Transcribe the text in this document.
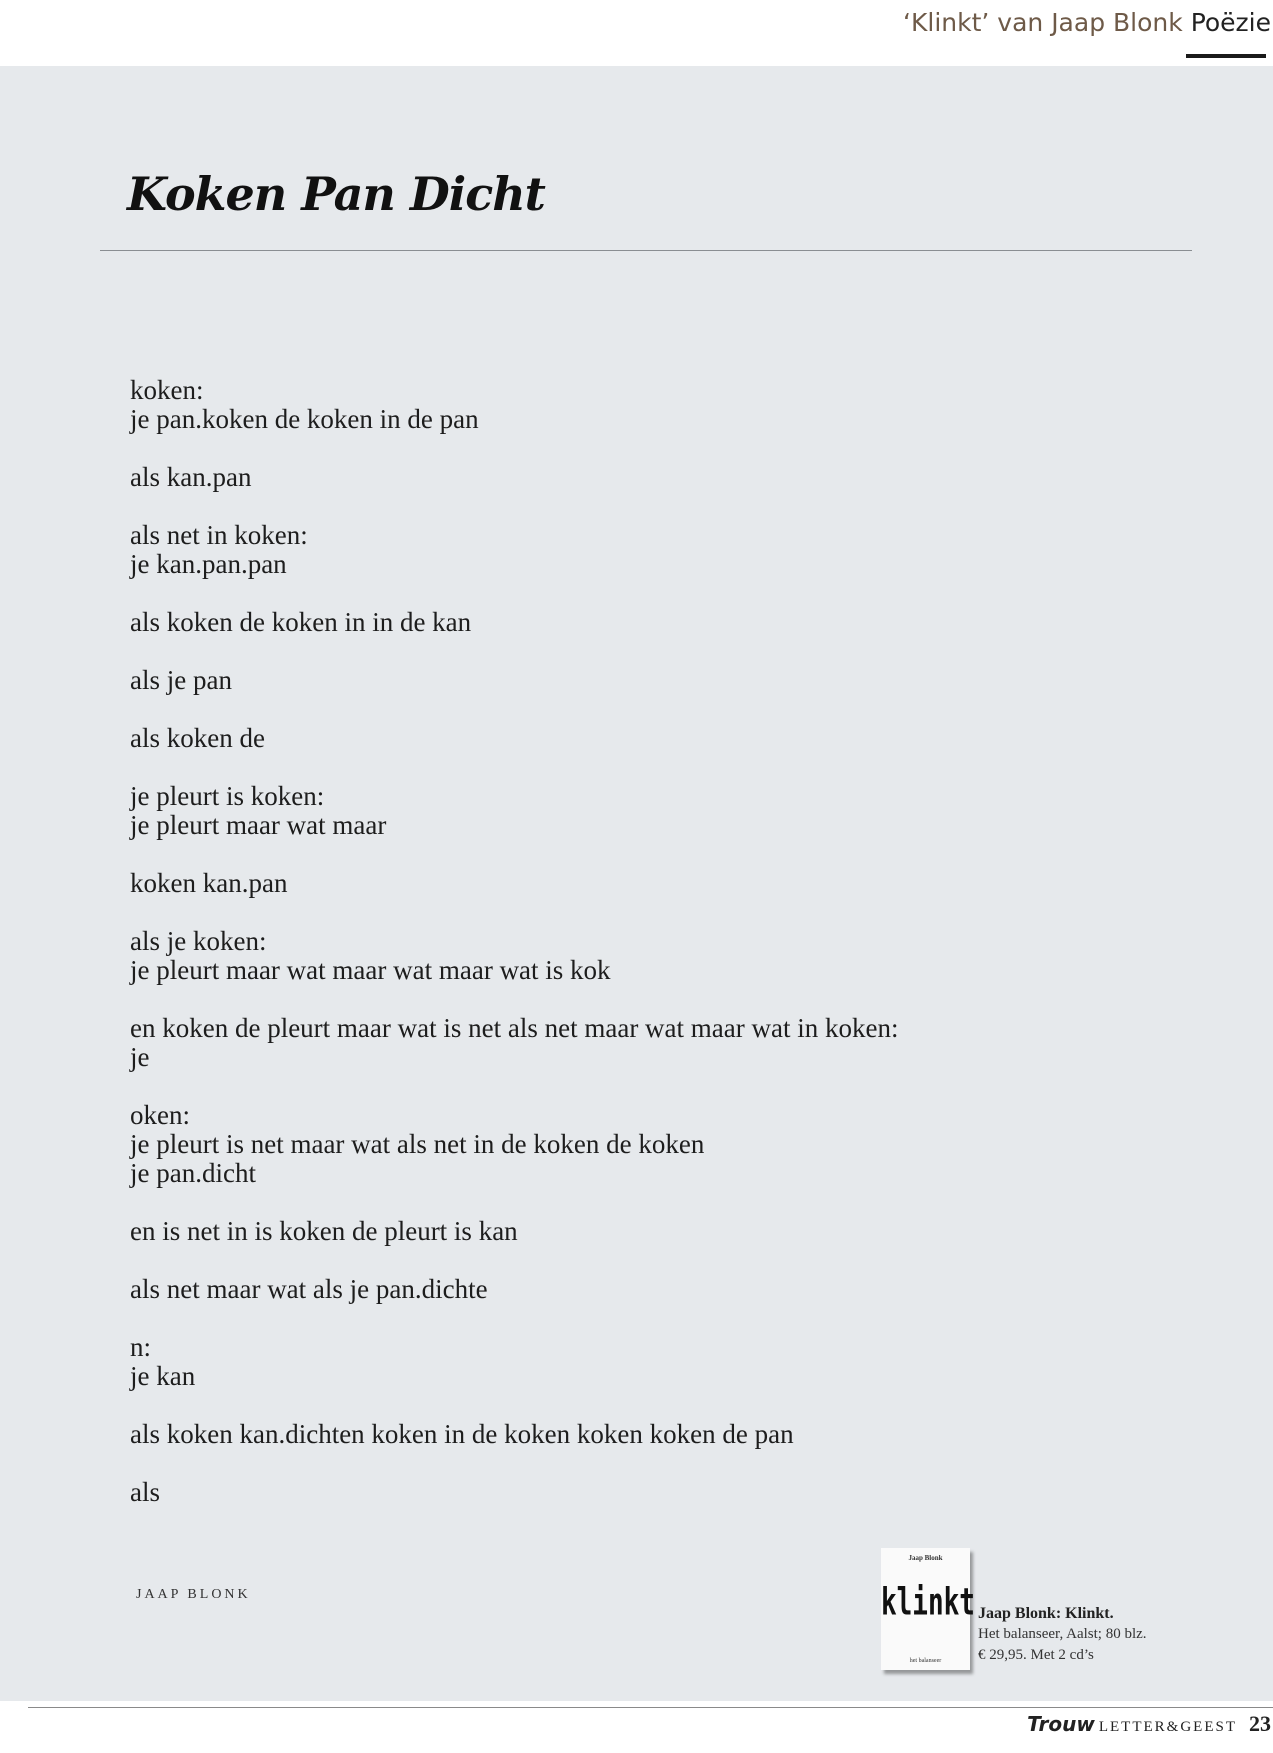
‘Klinkt’ van Jaap Blonk Poëzie
Koken Pan Dicht
koken:
je pan.koken de koken in de pan
als kan.pan
als net in koken:
je kan.pan.pan
als koken de koken in in de kan
als je pan
als koken de
je pleurt is koken:
je pleurt maar wat maar
koken kan.pan
als je koken:
je pleurt maar wat maar wat maar wat is kok
en koken de pleurt maar wat is net als net maar wat maar wat in koken:
je
oken:
je pleurt is net maar wat als net in de koken de koken
je pan.dicht
en is net in is koken de pleurt is kan
als net maar wat als je pan.dichte
n:
je kan
als koken kan.dichten koken in de koken koken koken de pan
als
JAAP BLONK
Jaap Blonk
klinkt
het balanseer
Jaap Blonk: Klinkt.
Het balanseer, Aalst; 80 blz.
€ 29,95. Met 2 cd’s
Trouw LETTER&GEEST 23
